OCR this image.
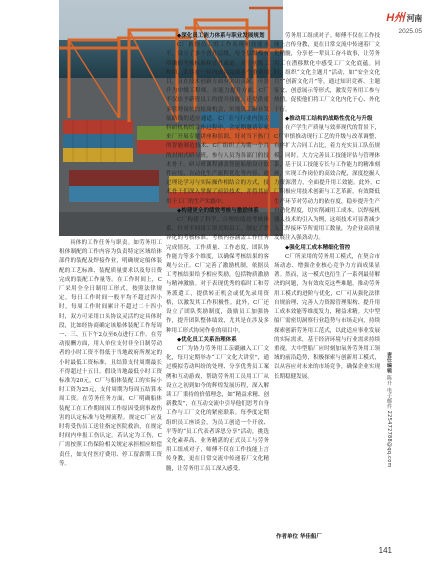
H州 河南
2025.05

具体的工作任务与职责。如劳务用工租体制配的工作内容为负责特定区域给体部件的装配及焊接作业，明确规定船体装配的工艺标准、装配质量要求以及每日费完成的装配工作量等。在工作时间上，C厂采用全全日制用工形式，按照法律规定，每日工作时间一般平均不超过四小时，每周工作时间累计不超过二十四小时，双方可采用口头协议灵活约定具体时段，比如经协商确定该船体装配工作每周一、三、五下午2点至6点进行工作。在劳动报酬方面，用人单位支付非全日制劳动者的小时工资不得低于当地政府所规定的小时最低工资标准，且结算支付周期最长不得超过十五日。假设当地最低小时工资标准为20元，C厂与船体装配工的实际小时工资为25元，支付周期为每周五结算本周工资。在劳务任务方面，C厂明确船体装配工在工作期间因工作原因受到事故伤害的认定标准与处理流程。规定C厂应及时将受伤员工送往指定医院救治，在规定时间内申报工伤认定。若认定为工伤，C厂需按照工伤保险相关规定承担相应赔偿责任，如支付医疗费用、停工留薪期工资等。

◆深化员工能力体系与职业发展规划

C厂依据员工的工作表现和技能水平，设立了多个晋升层级。每个层级都有明确的考核标准和晋升通道。对于初级工程师，若其在一年内成功完成多个重要项目，且在技术创新方面有突出贡献，可晋升为中级工程师。在能力提升方面，C厂不仅给予新资员工的提升技能，还提供更多管理岗位的轮岗机会，实现员工职业发展路线的适应通道。C厂在与行业内顶尖科研机构的合作过程中，会定期邀请专家来厂开展专题讲座和培训，针对当下热门的智能制造技术、C厂组织了为期一个月的封闭式研习班，参与人员为各部门的技术骨干。研习班课程涵盖智能船舶设计软件应用、自动化生产流程优化等内容。通过理论学习与实际操作相结合的方式，技术骨干们深入掌握了前沿技术，并将其应用于工厂的生产实践中。

◆构建更全的绩效考核与激励体系

C厂构建了科学、合理的绩效考核体系，针对不同用工形式的员工，制定了差异化的考核标准。考核内容涵盖工作任务完成情况、工作质量、工作态度、团队协作能力等多个维度，以确保考核结果的客观与公正。C厂完善了激励机制，依据员工考核结果给予相应奖励，包括物质激励与精神激励。对于表现优秀的临时工和劳务派遣工，提供转正机会或优先录用资格，以激发其工作积极性。此外，C厂还设立了团队奖励制度，鼓励员工加强协作，提升团队整体绩效，尤其是在涉及多种用工形式协同作业的项目中。

◆优化员工关系治理体系

C厂为协力劳务用工亲疆融入工厂文化，每月定期举办“工厂文化大讲堂”，通过模拟劳动纠纷的处理、分享优秀员工案例和互动游戏，帮助劳务用工员用工厂从设立之初到如今的辉煌发展历程，深入解读工厂秉持的价值理念，如“精益求精、创新教发”，在互动交流中引导他们思考自身工作与工厂文化的紧密联系。每季度定期组织员工座谈会，为员工创造一个开放、平等的“员工代表者诉思分享”活动，挑选文化素养高、业务精湛的正式员工与劳务用工组成对子，师傅不仅在工作技能上言传身教，更在日常交流中传递着厂文化精髓，让劳务用工员工深入感受。

劳务用工组成对子。师傅不仅在工作技能上言传身教，更在日常交流中传递着厂文化精髓，分享老一辈员工奋斗故事，让劳务用工在潜移默化中感受工厂文化底蕴。同时，组织“文化主题月”活动，如“安全文化月”“创新文化月”等，通过知识竞赛、主题征文、创意展示等形式，激发劳务用工参与热情，促使他们将工厂文化内化于心、外化于行。

◆推动用工结构的战略性优化与升级

在产学生产质量与效率现代的背景下，C厂审慎推动现行工艺的升级与改革调整，有序扩大合同工占比，着力充实员工队伍规模。同时，大力完善员工技能评估与管理体系，基于员工技能专长与工作能力的精准刻画，实现工作岗位的高效合配，深度挖掘人力资源潜力，全面提升用工效能。此外，C厂积极应用技术创新与工艺革新，有效降低生产环节对劳动力的依存度，稳步提升生产自动化程度，切实削减用工成本。以焊接机器人技术的引入为例，这项技术可显著减少人工焊接环节所需用工数量，为企业高质量发展注入强劲动力。

◆强化用工成本精细化管控

C厂所采用的劳务用工模式，在契合市场动态、增强企业核心竞争力方面成果显著。然而，这一模式也衍生了一系列最待解决的问题，为有效攻克这些难题，推动劳务用工模式的进阶与优化，C厂可从强化法律自规治理、完善人力资源管理架构、提升用工成本效能等维度发力，精益求精。大中型船厂需密切洞察行业趋势与市场走向，持续探索创新劳务用工范式，以此适应事业发展的实际需求，基于经济环境与行业需求持续重视，大中型船厂应时刻加氧务劳务用工领域的前沿趋势，积极探索与创新用工模式，以从容应对未来的市场竞争，确保企业实现长期稳健发展。

责任编辑 陈升 电子邮件 225472788@qq.com
作者单位 华佳船厂
141
